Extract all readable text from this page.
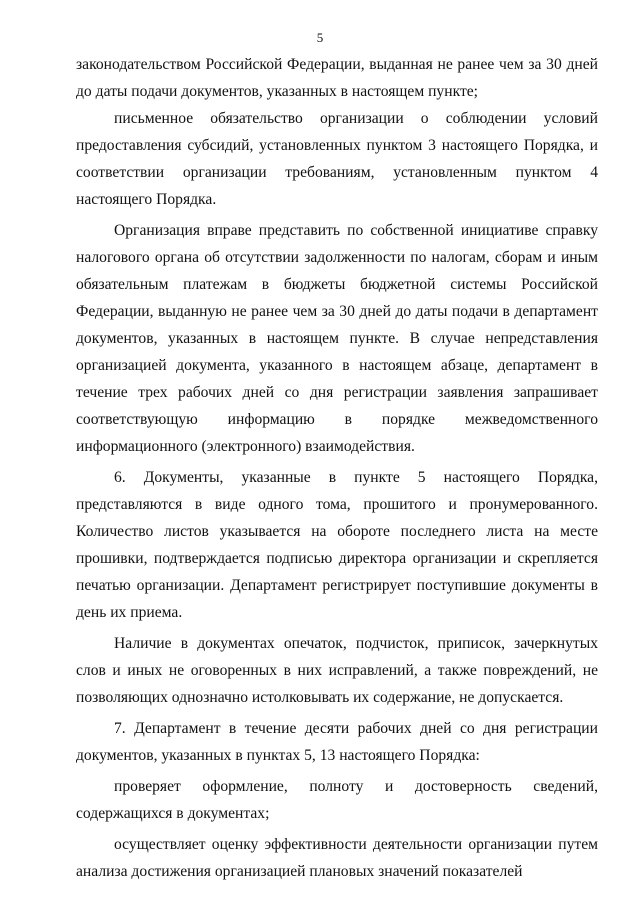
5

законодательством Российской Федерации, выданная не ранее чем за 30 дней до даты подачи документов, указанных в настоящем пункте;

письменное обязательство организации о соблюдении условий предоставления субсидий, установленных пунктом 3 настоящего Порядка, и соответствии организации требованиям, установленным пунктом 4 настоящего Порядка.

Организация вправе представить по собственной инициативе справку налогового органа об отсутствии задолженности по налогам, сборам и иным обязательным платежам в бюджеты бюджетной системы Российской Федерации, выданную не ранее чем за 30 дней до даты подачи в департамент документов, указанных в настоящем пункте. В случае непредставления организацией документа, указанного в настоящем абзаце, департамент в течение трех рабочих дней со дня регистрации заявления запрашивает соответствующую информацию в порядке межведомственного информационного (электронного) взаимодействия.

6. Документы, указанные в пункте 5 настоящего Порядка, представляются в виде одного тома, прошитого и пронумерованного. Количество листов указывается на обороте последнего листа на месте прошивки, подтверждается подписью директора организации и скрепляется печатью организации. Департамент регистрирует поступившие документы в день их приема.

Наличие в документах опечаток, подчисток, приписок, зачеркнутых слов и иных не оговоренных в них исправлений, а также повреждений, не позволяющих однозначно истолковывать их содержание, не допускается.

7. Департамент в течение десяти рабочих дней со дня регистрации документов, указанных в пунктах 5, 13 настоящего Порядка:

проверяет оформление, полноту и достоверность сведений, содержащихся в документах;

осуществляет оценку эффективности деятельности организации путем анализа достижения организацией плановых значений показателей
